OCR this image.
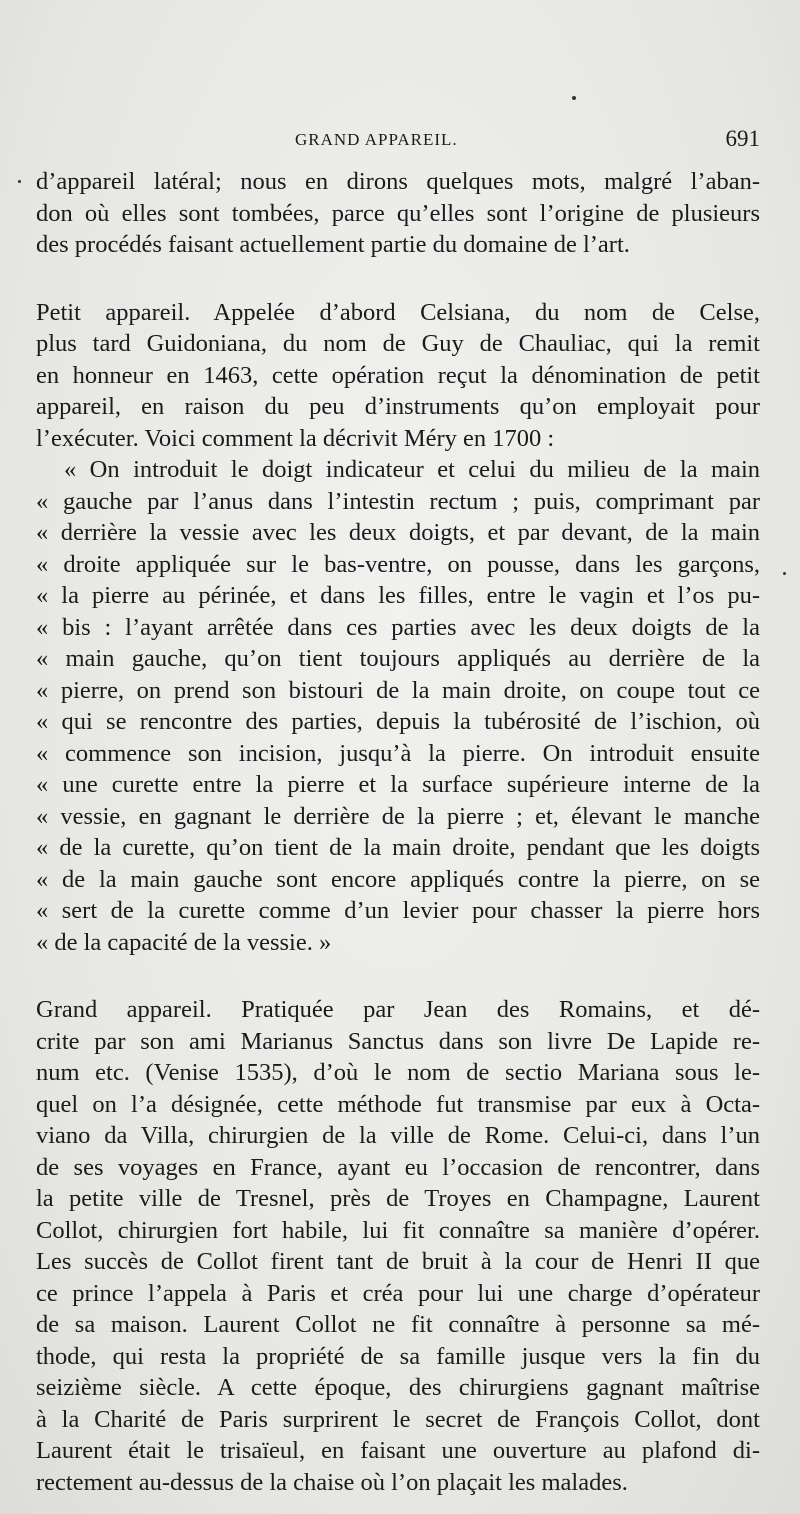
GRAND APPAREIL.	691
d’appareil latéral; nous en dirons quelques mots, malgré l’aban-
don où elles sont tombées, parce qu’elles sont l’origine de plusieurs
des procédés faisant actuellement partie du domaine de l’art.
Petit appareil. Appelée d’abord Celsiana, du nom de Celse,
plus tard Guidoniana, du nom de Guy de Chauliac, qui la remit
en honneur en 1463, cette opération reçut la dénomination de petit
appareil, en raison du peu d’instruments qu’on employait pour
l’exécuter. Voici comment la décrivit Méry en 1700 :
« On introduit le doigt indicateur et celui du milieu de la main
« gauche par l’anus dans l’intestin rectum ; puis, comprimant par
« derrière la vessie avec les deux doigts, et par devant, de la main
« droite appliquée sur le bas-ventre, on pousse, dans les garçons,
« la pierre au périnée, et dans les filles, entre le vagin et l’os pu-
« bis : l’ayant arrêtée dans ces parties avec les deux doigts de la
« main gauche, qu’on tient toujours appliqués au derrière de la
« pierre, on prend son bistouri de la main droite, on coupe tout ce
« qui se rencontre des parties, depuis la tubérosité de l’ischion, où
« commence son incision, jusqu’à la pierre. On introduit ensuite
« une curette entre la pierre et la surface supérieure interne de la
« vessie, en gagnant le derrière de la pierre ; et, élevant le manche
« de la curette, qu’on tient de la main droite, pendant que les doigts
« de la main gauche sont encore appliqués contre la pierre, on se
« sert de la curette comme d’un levier pour chasser la pierre hors
« de la capacité de la vessie. »
Grand appareil. Pratiquée par Jean des Romains, et dé-
crite par son ami Marianus Sanctus dans son livre De Lapide re-
num etc. (Venise 1535), d’où le nom de sectio Mariana sous le-
quel on l’a désignée, cette méthode fut transmise par eux à Octa-
viano da Villa, chirurgien de la ville de Rome. Celui-ci, dans l’un
de ses voyages en France, ayant eu l’occasion de rencontrer, dans
la petite ville de Tresnel, près de Troyes en Champagne, Laurent
Collot, chirurgien fort habile, lui fit connaître sa manière d’opérer.
Les succès de Collot firent tant de bruit à la cour de Henri II que
ce prince l’appela à Paris et créa pour lui une charge d’opérateur
de sa maison. Laurent Collot ne fit connaître à personne sa mé-
thode, qui resta la propriété de sa famille jusque vers la fin du
seizième siècle. A cette époque, des chirurgiens gagnant maîtrise
à la Charité de Paris surprirent le secret de François Collot, dont
Laurent était le trisaïeul, en faisant une ouverture au plafond di-
rectement au-dessus de la chaise où l’on plaçait les malades.
